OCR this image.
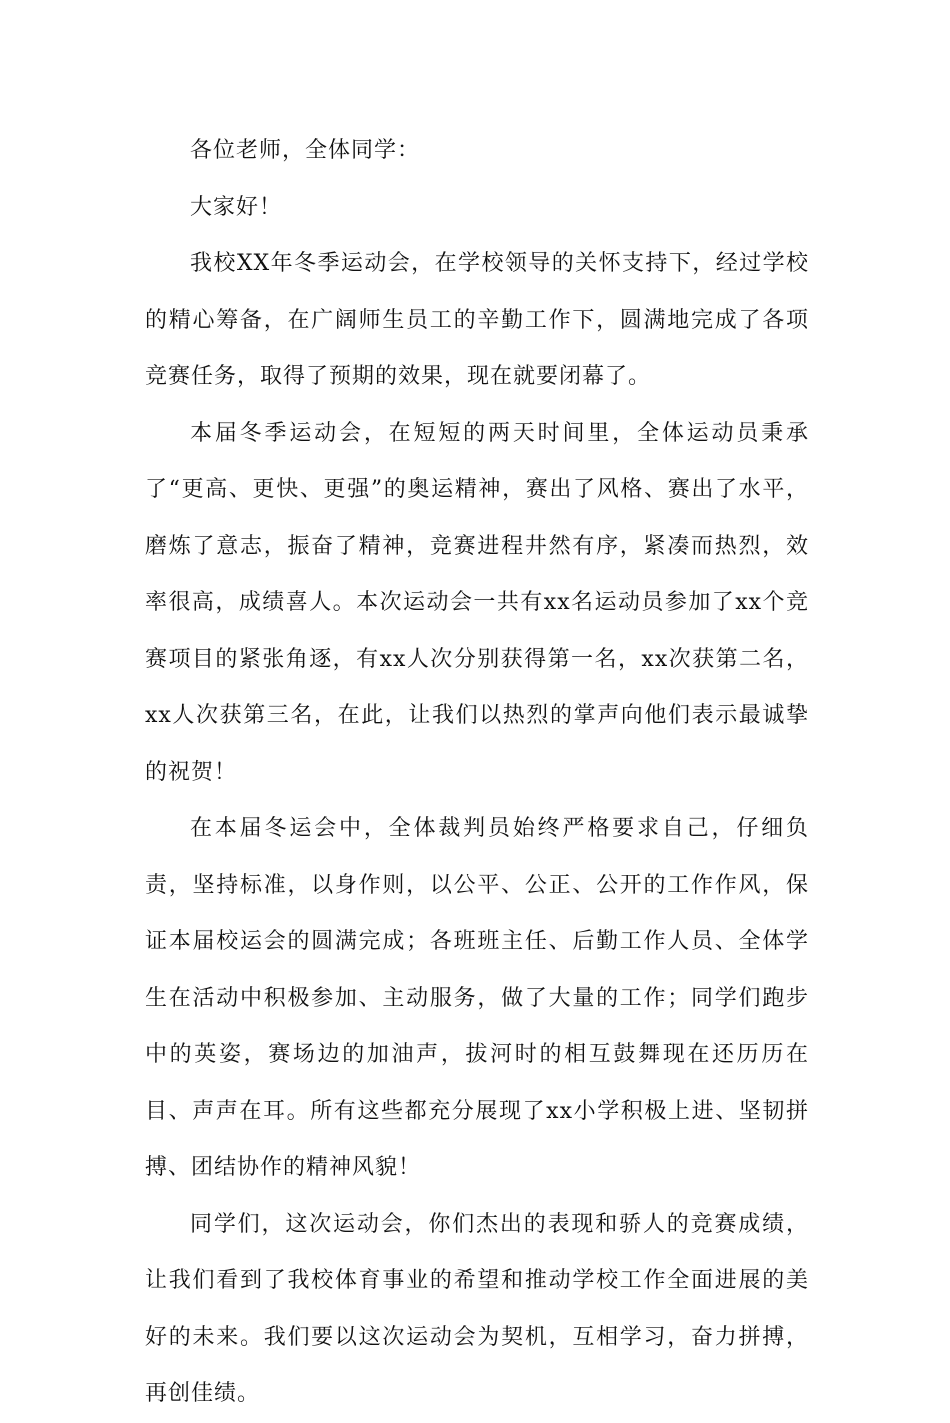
各位老师，全体同学：

大家好！

我校XX年冬季运动会，在学校领导的关怀支持下，经过学校的精心筹备，在广阔师生员工的辛勤工作下，圆满地完成了各项竞赛任务，取得了预期的效果，现在就要闭幕了。

本届冬季运动会，在短短的两天时间里，全体运动员秉承了“更高、更快、更强”的奥运精神，赛出了风格、赛出了水平，磨炼了意志，振奋了精神，竞赛进程井然有序，紧凑而热烈，效率很高，成绩喜人。本次运动会一共有xx名运动员参加了xx个竞赛项目的紧张角逐，有xx人次分别获得第一名，xx次获第二名，xx人次获第三名，在此，让我们以热烈的掌声向他们表示最诚挚的祝贺！

在本届冬运会中，全体裁判员始终严格要求自己，仔细负责，坚持标准，以身作则，以公平、公正、公开的工作作风，保证本届校运会的圆满完成；各班班主任、后勤工作人员、全体学生在活动中积极参加、主动服务，做了大量的工作；同学们跑步中的英姿，赛场边的加油声，拔河时的相互鼓舞现在还历历在目、声声在耳。所有这些都充分展现了xx小学积极上进、坚韧拼搏、团结协作的精神风貌！

同学们，这次运动会，你们杰出的表现和骄人的竞赛成绩，让我们看到了我校体育事业的希望和推动学校工作全面进展的美好的未来。我们要以这次运动会为契机，互相学习，奋力拼搏，再创佳绩。
